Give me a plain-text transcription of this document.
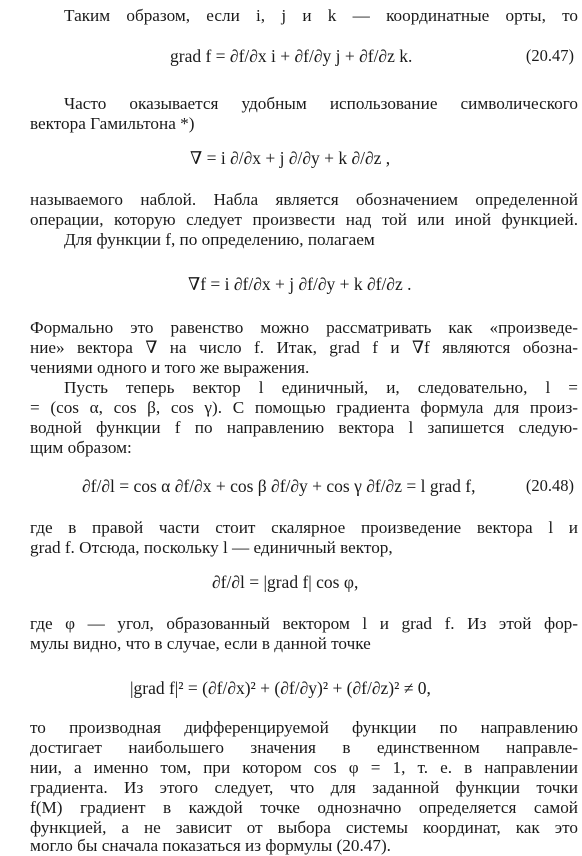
Таким образом, если i, j и k — координатные орты, то
grad f = ∂f/∂x i + ∂f/∂y j + ∂f/∂z k.	(20.47)
Часто оказывается удобным использование символического
вектора Гамильтона *)
∇ = i ∂/∂x + j ∂/∂y + k ∂/∂z ,
называемого наблой. Набла является обозначением определенной
операции, которую следует произвести над той или иной функцией.
Для функции f, по определению, полагаем
∇f = i ∂f/∂x + j ∂f/∂y + k ∂f/∂z .
Формально это равенство можно рассматривать как «произведе-
ние» вектора ∇ на число f. Итак, grad f и ∇f являются обозна-
чениями одного и того же выражения.
Пусть теперь вектор l единичный, и, следовательно, l =
= (cos α, cos β, cos γ). С помощью градиента формула для произ-
водной функции f по направлению вектора l запишется следую-
щим образом:
∂f/∂l = cos α ∂f/∂x + cos β ∂f/∂y + cos γ ∂f/∂z = l grad f,	(20.48)
где в правой части стоит скалярное произведение вектора l и
grad f. Отсюда, поскольку l — единичный вектор,
∂f/∂l = |grad f| cos φ,
где φ — угол, образованный вектором l и grad f. Из этой фор-
мулы видно, что в случае, если в данной точке
|grad f|² = (∂f/∂x)² + (∂f/∂y)² + (∂f/∂z)² ≠ 0,
то производная дифференцируемой функции по направлению
достигает наибольшего значения в единственном направле-
нии, а именно том, при котором cos φ = 1, т. е. в направлении
градиента. Из этого следует, что для заданной функции точки
f(M) градиент в каждой точке однозначно определяется самой
функцией, а не зависит от выбора системы координат, как это
могло бы сначала показаться из формулы (20.47).
